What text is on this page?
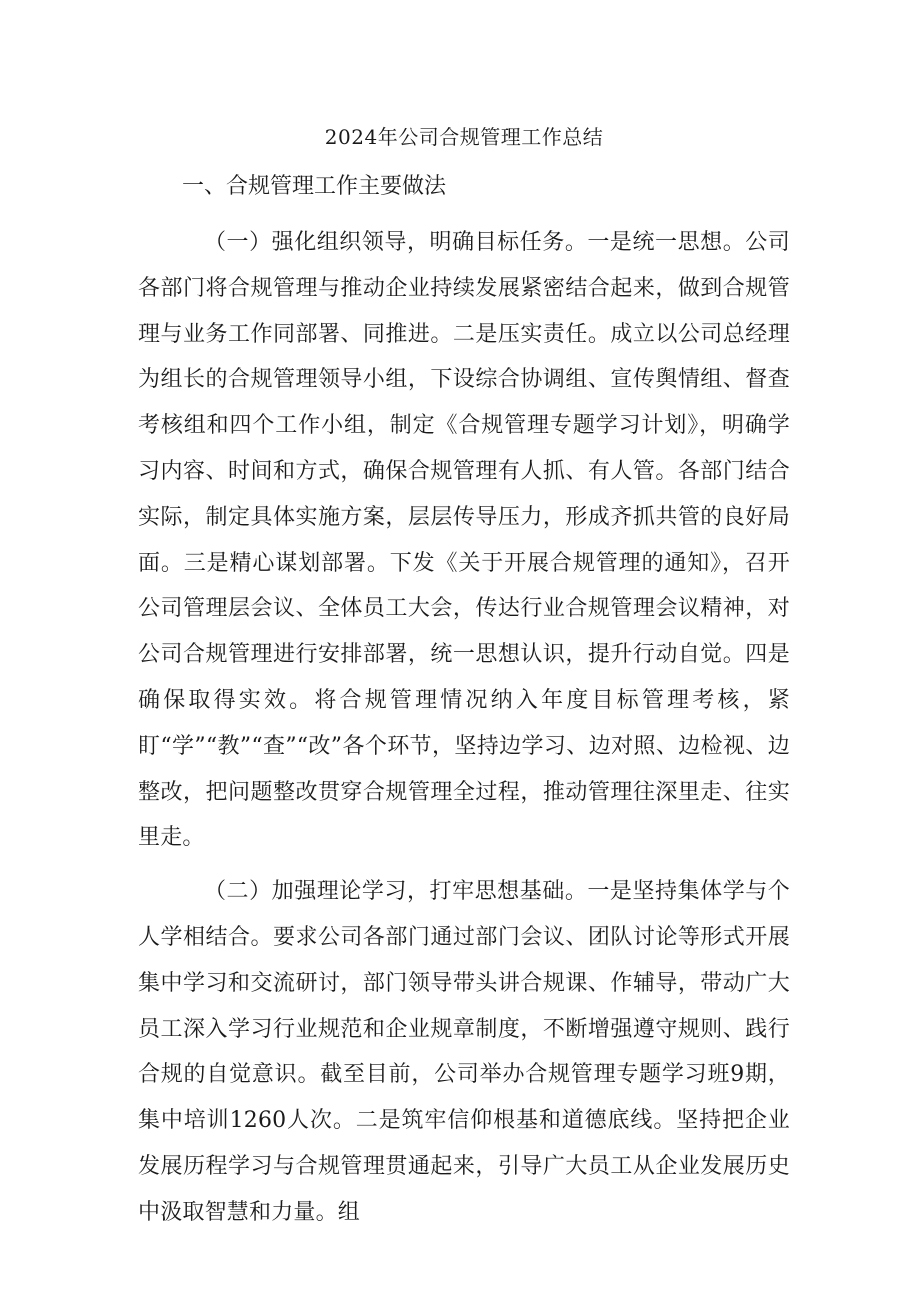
2024年公司合规管理工作总结
一、合规管理工作主要做法

（一）强化组织领导，明确目标任务。一是统一思想。公司各部门将合规管理与推动企业持续发展紧密结合起来，做到合规管理与业务工作同部署、同推进。二是压实责任。成立以公司总经理为组长的合规管理领导小组，下设综合协调组、宣传舆情组、督查考核组和四个工作小组，制定《合规管理专题学习计划》，明确学习内容、时间和方式，确保合规管理有人抓、有人管。各部门结合实际，制定具体实施方案，层层传导压力，形成齐抓共管的良好局面。三是精心谋划部署。下发《关于开展合规管理的通知》，召开公司管理层会议、全体员工大会，传达行业合规管理会议精神，对公司合规管理进行安排部署，统一思想认识，提升行动自觉。四是确保取得实效。将合规管理情况纳入年度目标管理考核，紧盯“学”“教”“查”“改”各个环节，坚持边学习、边对照、边检视、边整改，把问题整改贯穿合规管理全过程，推动管理往深里走、往实里走。

（二）加强理论学习，打牢思想基础。一是坚持集体学与个人学相结合。要求公司各部门通过部门会议、团队讨论等形式开展集中学习和交流研讨，部门领导带头讲合规课、作辅导，带动广大员工深入学习行业规范和企业规章制度，不断增强遵守规则、践行合规的自觉意识。截至目前，公司举办合规管理专题学习班9期，集中培训1260人次。二是筑牢信仰根基和道德底线。坚持把企业发展历程学习与合规管理贯通起来，引导广大员工从企业发展历史中汲取智慧和力量。组
